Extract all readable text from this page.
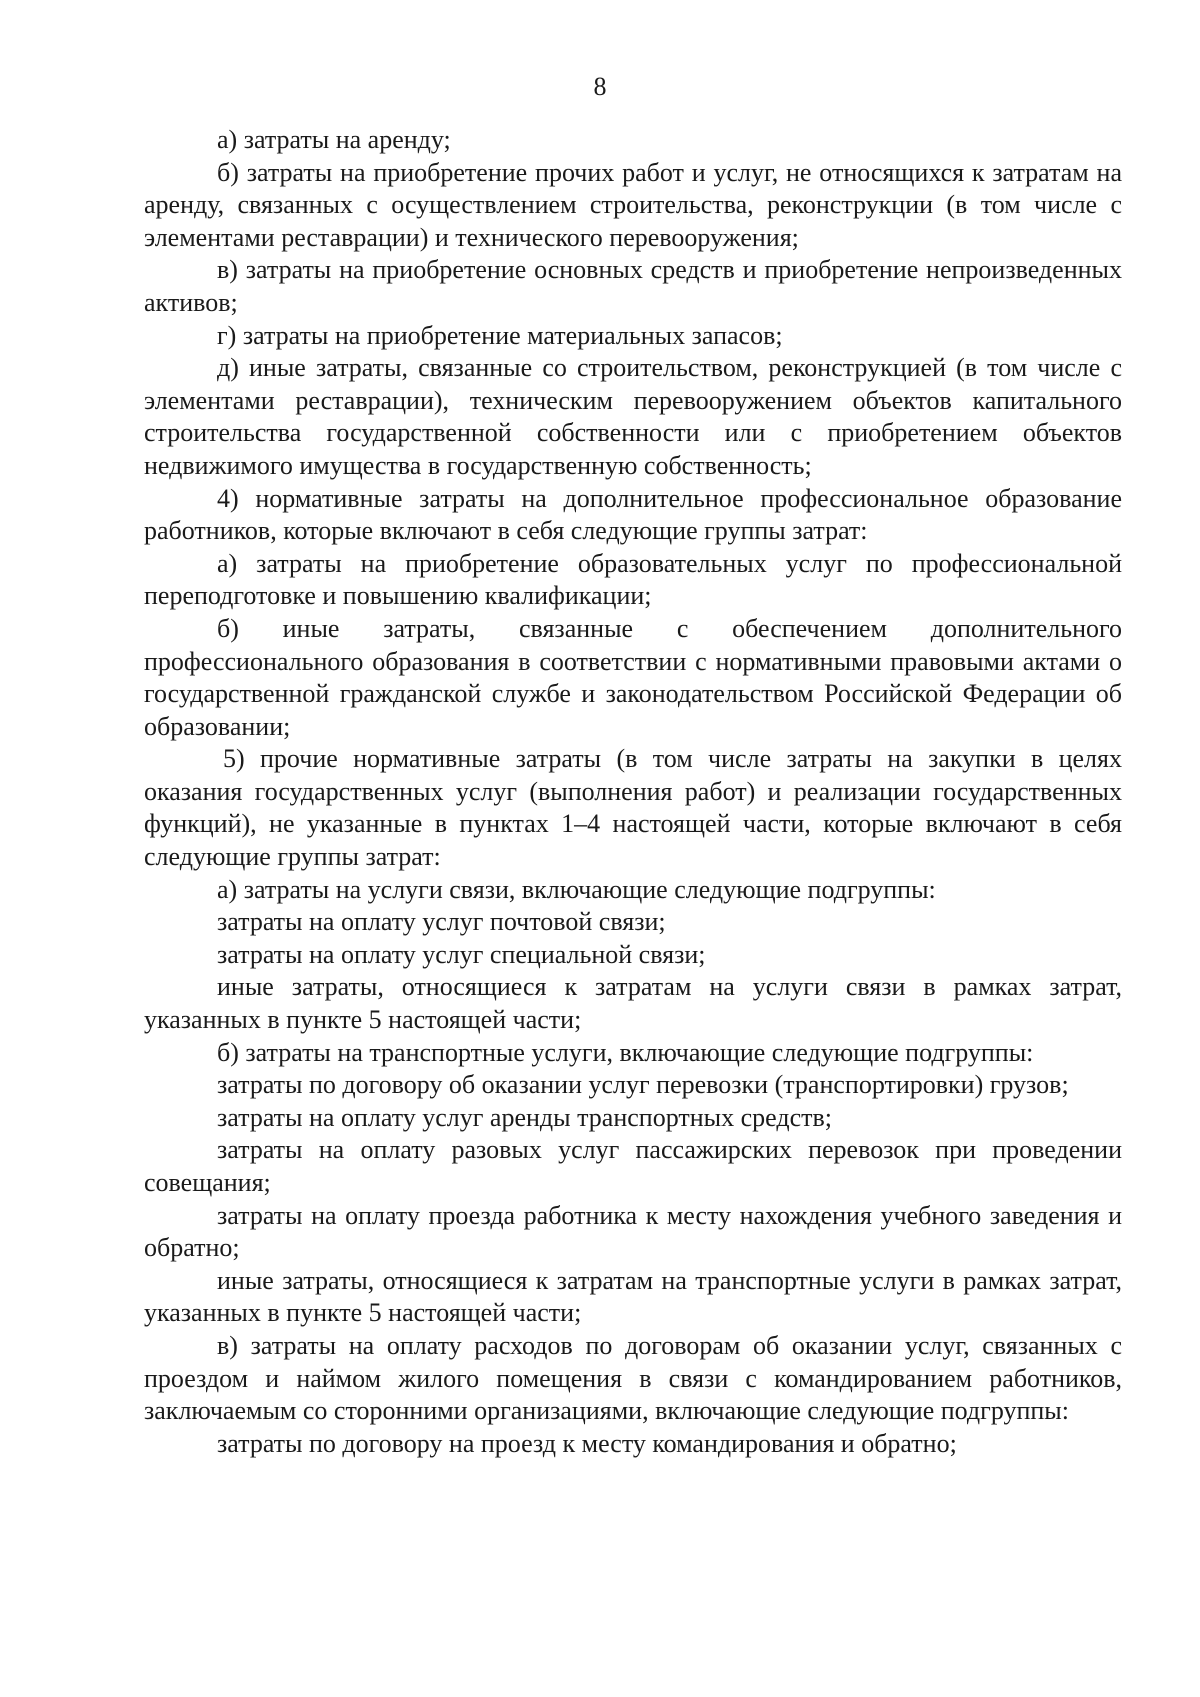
8

а) затраты на аренду;

б) затраты на приобретение прочих работ и услуг, не относящихся к затратам на аренду, связанных с осуществлением строительства, реконструкции (в том числе с элементами реставрации) и технического перевооружения;

в) затраты на приобретение основных средств и приобретение непроизведенных активов;

г) затраты на приобретение материальных запасов;

д) иные затраты, связанные со строительством, реконструкцией (в том числе с элементами реставрации), техническим перевооружением объектов капитального строительства государственной собственности или с приобретением объектов недвижимого имущества в государственную собственность;

4) нормативные затраты на дополнительное профессиональное образование работников, которые включают в себя следующие группы затрат:

а) затраты на приобретение образовательных услуг по профессиональной переподготовке и повышению квалификации;

б) иные затраты, связанные с обеспечением дополнительного профессионального образования в соответствии с нормативными правовыми актами о государственной гражданской службе и законодательством Российской Федерации об образовании;

5) прочие нормативные затраты (в том числе затраты на закупки в целях оказания государственных услуг (выполнения работ) и реализации государственных функций), не указанные в пунктах 1–4 настоящей части, которые включают в себя следующие группы затрат:

а) затраты на услуги связи, включающие следующие подгруппы:

затраты на оплату услуг почтовой связи;

затраты на оплату услуг специальной связи;

иные затраты, относящиеся к затратам на услуги связи в рамках затрат, указанных в пункте 5 настоящей части;

б) затраты на транспортные услуги, включающие следующие подгруппы:

затраты по договору об оказании услуг перевозки (транспортировки) грузов;

затраты на оплату услуг аренды транспортных средств;

затраты на оплату разовых услуг пассажирских перевозок при проведении совещания;

затраты на оплату проезда работника к месту нахождения учебного заведения и обратно;

иные затраты, относящиеся к затратам на транспортные услуги в рамках затрат, указанных в пункте 5 настоящей части;

в) затраты на оплату расходов по договорам об оказании услуг, связанных с проездом и наймом жилого помещения в связи с командированием работников, заключаемым со сторонними организациями, включающие следующие подгруппы:

затраты по договору на проезд к месту командирования и обратно;
